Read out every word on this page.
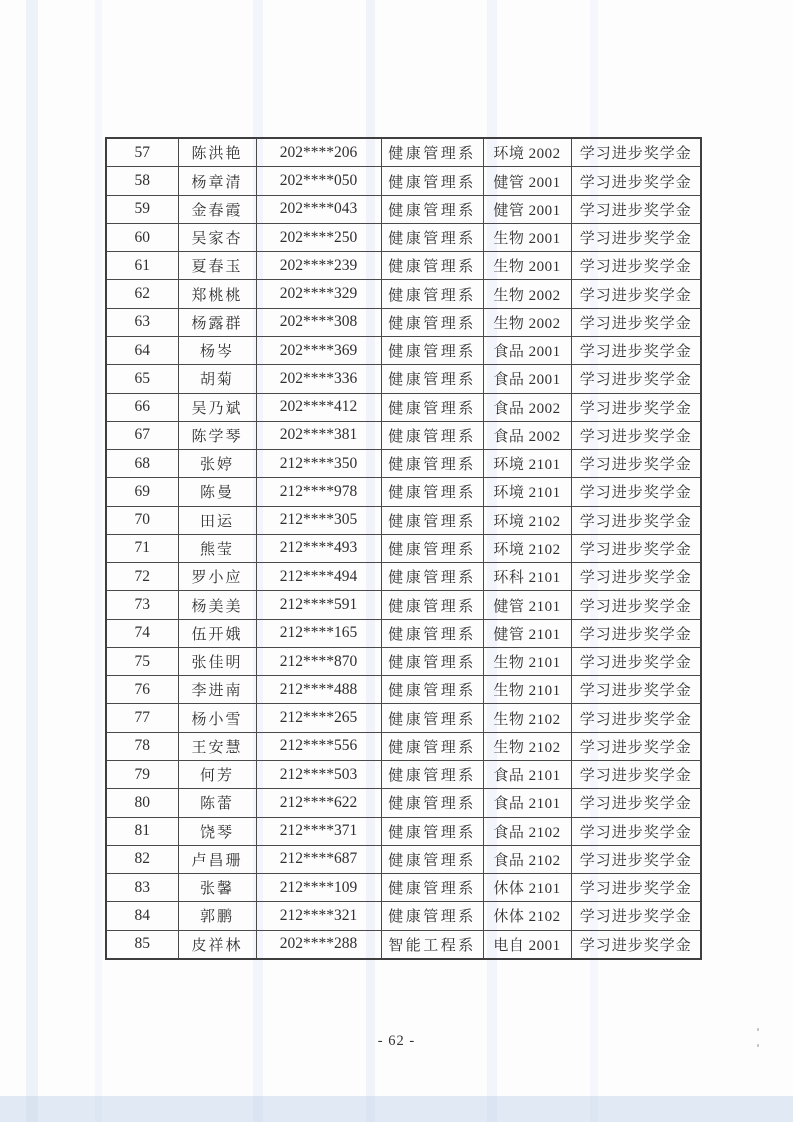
57	陈洪艳	202****206	健康管理系	环境 2002	学习进步奖学金
58	杨章清	202****050	健康管理系	健管 2001	学习进步奖学金
59	金春霞	202****043	健康管理系	健管 2001	学习进步奖学金
60	吴家杏	202****250	健康管理系	生物 2001	学习进步奖学金
61	夏春玉	202****239	健康管理系	生物 2001	学习进步奖学金
62	郑桃桃	202****329	健康管理系	生物 2002	学习进步奖学金
63	杨露群	202****308	健康管理系	生物 2002	学习进步奖学金
64	杨岑	202****369	健康管理系	食品 2001	学习进步奖学金
65	胡菊	202****336	健康管理系	食品 2001	学习进步奖学金
66	吴乃斌	202****412	健康管理系	食品 2002	学习进步奖学金
67	陈学琴	202****381	健康管理系	食品 2002	学习进步奖学金
68	张婷	212****350	健康管理系	环境 2101	学习进步奖学金
69	陈曼	212****978	健康管理系	环境 2101	学习进步奖学金
70	田运	212****305	健康管理系	环境 2102	学习进步奖学金
71	熊莹	212****493	健康管理系	环境 2102	学习进步奖学金
72	罗小应	212****494	健康管理系	环科 2101	学习进步奖学金
73	杨美美	212****591	健康管理系	健管 2101	学习进步奖学金
74	伍开娥	212****165	健康管理系	健管 2101	学习进步奖学金
75	张佳明	212****870	健康管理系	生物 2101	学习进步奖学金
76	李进南	212****488	健康管理系	生物 2101	学习进步奖学金
77	杨小雪	212****265	健康管理系	生物 2102	学习进步奖学金
78	王安慧	212****556	健康管理系	生物 2102	学习进步奖学金
79	何芳	212****503	健康管理系	食品 2101	学习进步奖学金
80	陈蕾	212****622	健康管理系	食品 2101	学习进步奖学金
81	饶琴	212****371	健康管理系	食品 2102	学习进步奖学金
82	卢昌珊	212****687	健康管理系	食品 2102	学习进步奖学金
83	张馨	212****109	健康管理系	休体 2101	学习进步奖学金
84	郭鹏	212****321	健康管理系	休体 2102	学习进步奖学金
85	皮祥林	202****288	智能工程系	电自 2001	学习进步奖学金
- 62 -
